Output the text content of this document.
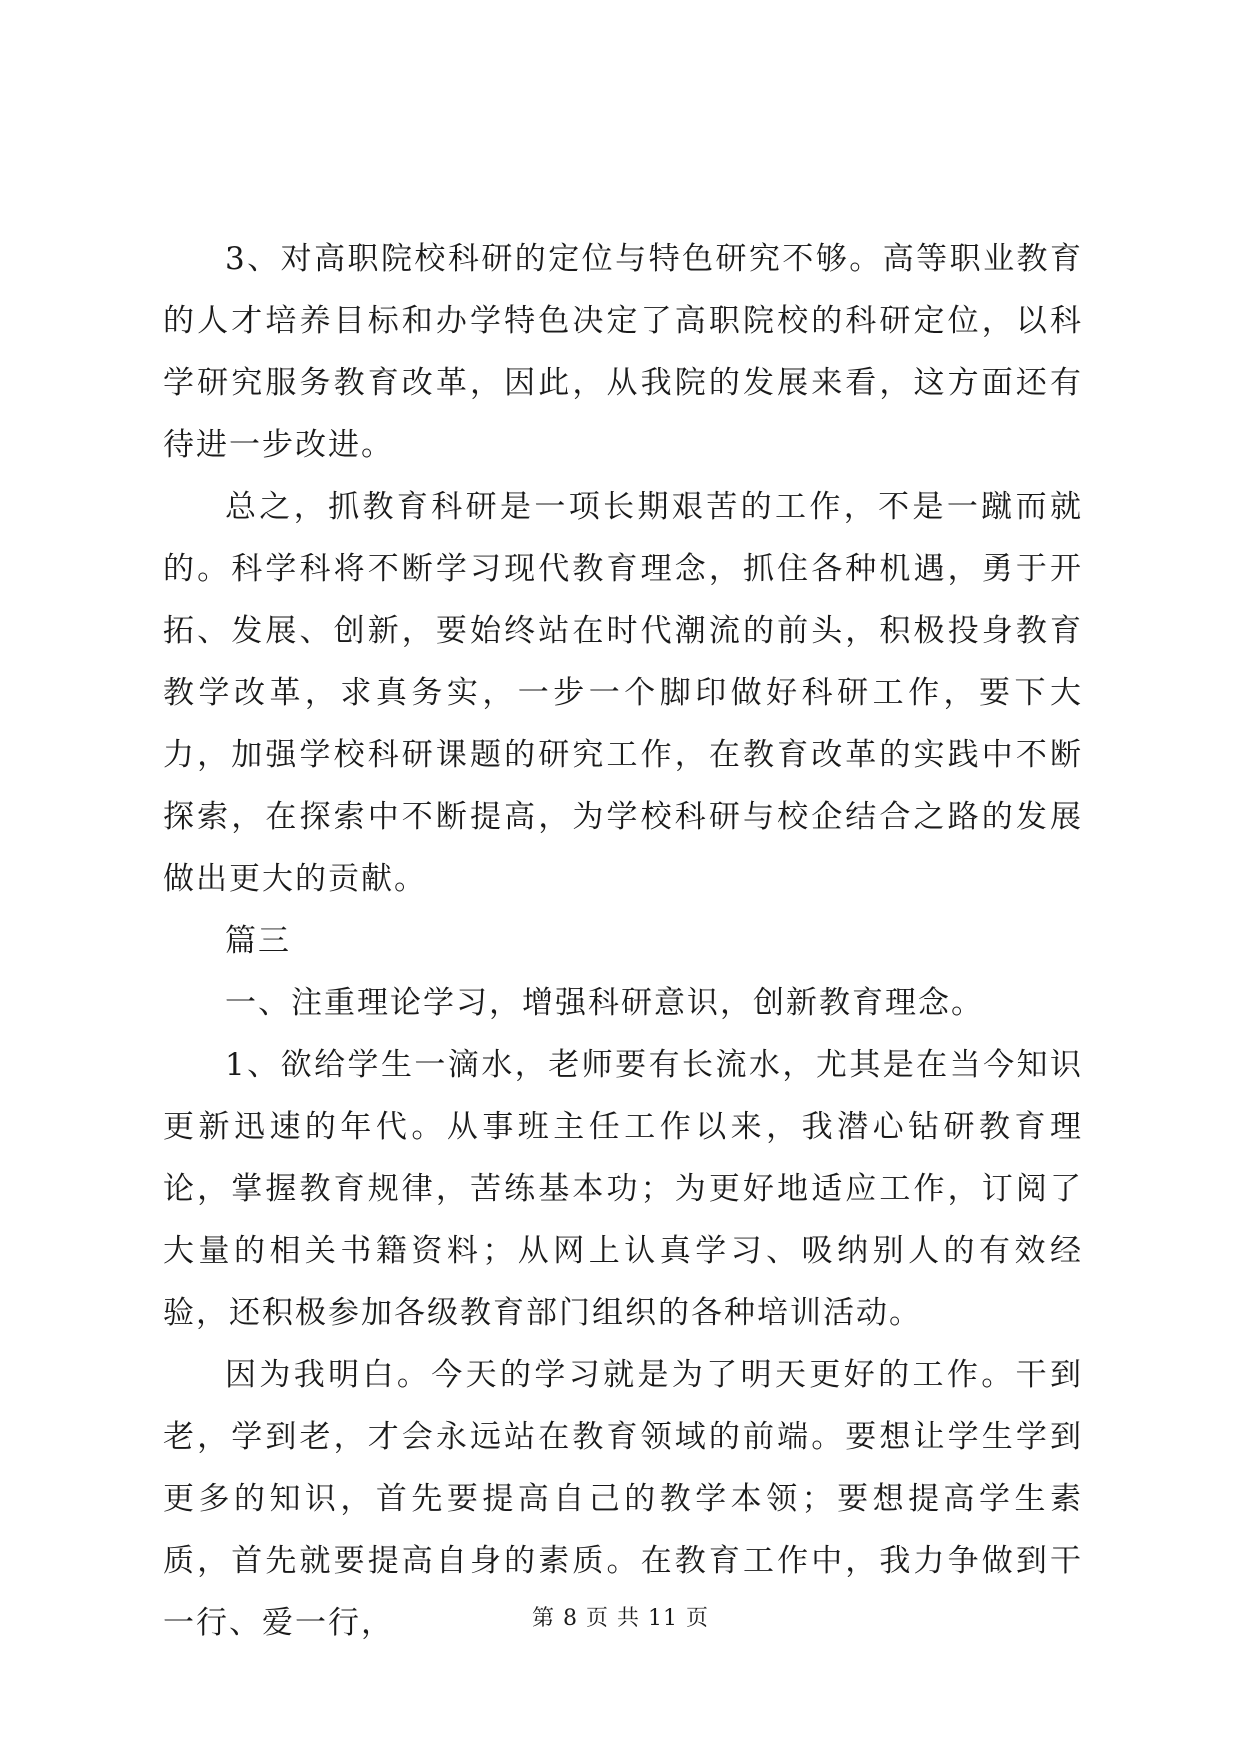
3、对高职院校科研的定位与特色研究不够。高等职业教育的人才培养目标和办学特色决定了高职院校的科研定位，以科学研究服务教育改革，因此，从我院的发展来看，这方面还有待进一步改进。

总之，抓教育科研是一项长期艰苦的工作，不是一蹴而就的。科学科将不断学习现代教育理念，抓住各种机遇，勇于开拓、发展、创新，要始终站在时代潮流的前头，积极投身教育教学改革，求真务实，一步一个脚印做好科研工作，要下大力，加强学校科研课题的研究工作，在教育改革的实践中不断探索，在探索中不断提高，为学校科研与校企结合之路的发展做出更大的贡献。

篇三

一、注重理论学习，增强科研意识，创新教育理念。

1、欲给学生一滴水，老师要有长流水，尤其是在当今知识更新迅速的年代。从事班主任工作以来，我潜心钻研教育理论，掌握教育规律，苦练基本功；为更好地适应工作，订阅了大量的相关书籍资料；从网上认真学习、吸纳别人的有效经验，还积极参加各级教育部门组织的各种培训活动。

因为我明白。今天的学习就是为了明天更好的工作。干到老，学到老，才会永远站在教育领域的前端。要想让学生学到更多的知识，首先要提高自己的教学本领；要想提高学生素质，首先就要提高自身的素质。在教育工作中，我力争做到干一行、爱一行，	第 8 页 共 11 页
